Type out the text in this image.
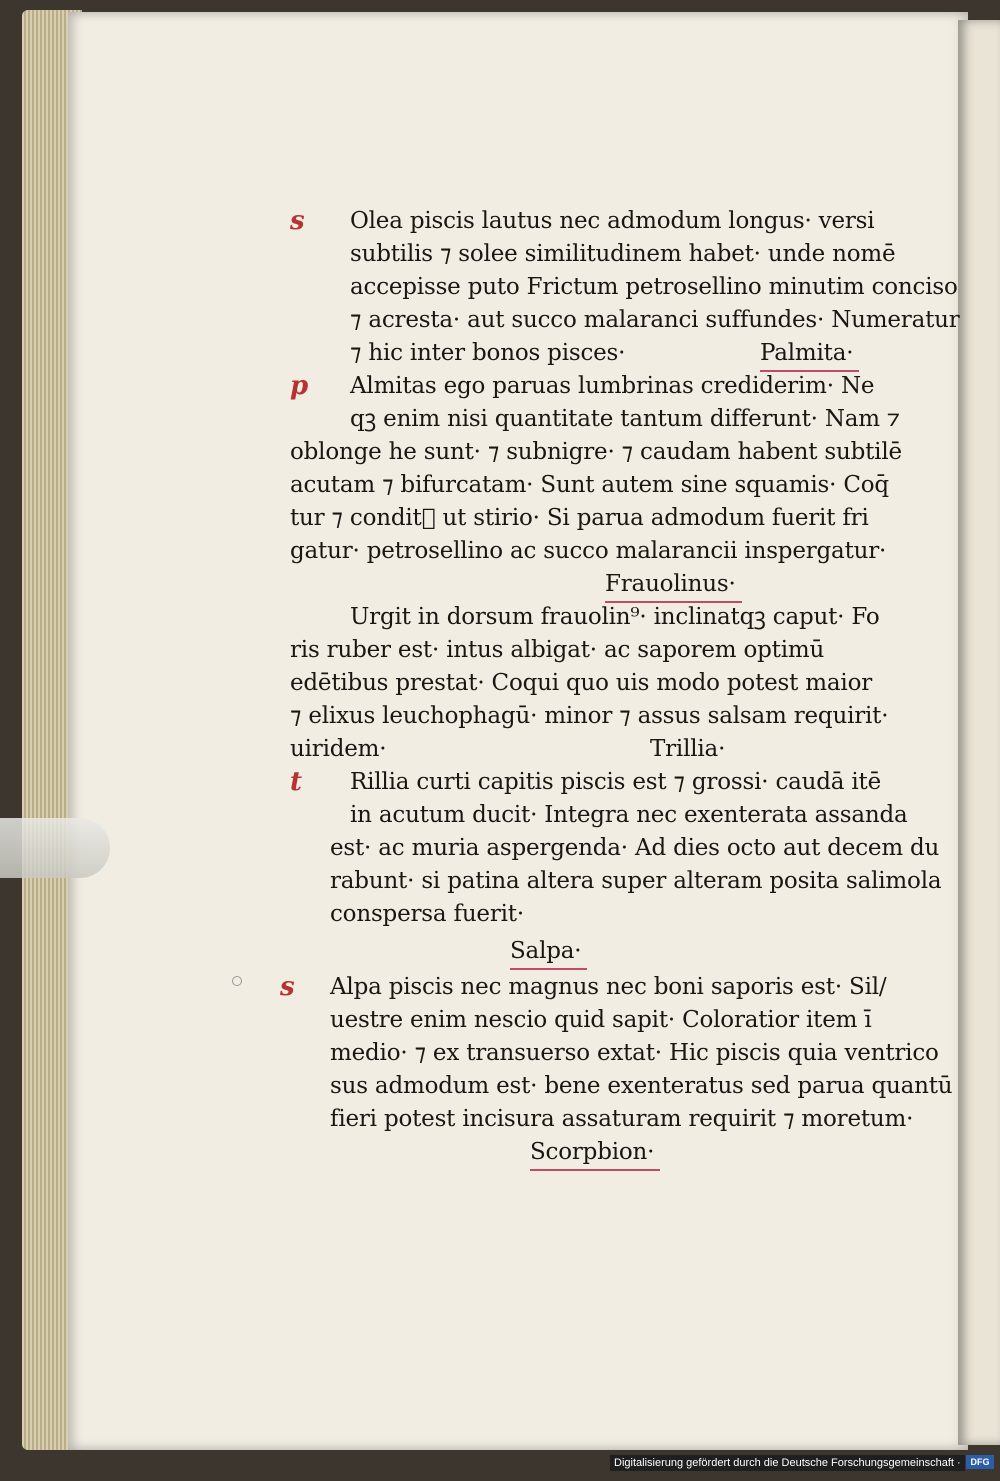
s Olea piscis lautus nec admodum longus· versi
subtilis ⁊ solee similitudinem habet· unde nomē
accepisse puto Frictum petrosellino minutim conciso
⁊ acresta· aut succo malaranci suffundes· Numeratur
⁊ hic inter bonos pisces·	Palmita·
p Almitas ego paruas lumbrinas crediderim· Ne
qꝫ enim nisi quantitate tantum differunt· Nam ⁊
oblonge he sunt· ⁊ subnigre· ⁊ caudam habent subtilē
acutam ⁊ bifurcatam· Sunt autem sine squamis· Coq̄
tur ⁊ condit᷑ ut stirio· Si parua admodum fuerit fri
gatur· petrosellino ac succo malarancii inspergatur·
Frauolinus·
Urgit in dorsum frauolin⁹· inclinatqꝫ caput· Fo
ris ruber est· intus albigat· ac saporem optimū
edētibus prestat· Coqui quo uis modo potest maior
⁊ elixus leuchophagū· minor ⁊ assus salsam requirit·
uiridem·	Trillia·
t Rillia curti capitis piscis est ⁊ grossi· caudā itē
in acutum ducit· Integra nec exenterata assanda
est· ac muria aspergenda· Ad dies octo aut decem du
rabunt· si patina altera super alteram posita salimola
conspersa fuerit·
Salpa·
s Alpa piscis nec magnus nec boni saporis est· Sil/
uestre enim nescio quid sapit· Coloratior item ī
medio· ⁊ ex transuerso extat· Hic piscis quia ventrico
sus admodum est· bene exenteratus sed parua quantū
fieri potest incisura assaturam requirit ⁊ moretum·
Scorpbion·
Digitalisierung gefördert durch die Deutsche Forschungsgemeinschaft ·	DFG
